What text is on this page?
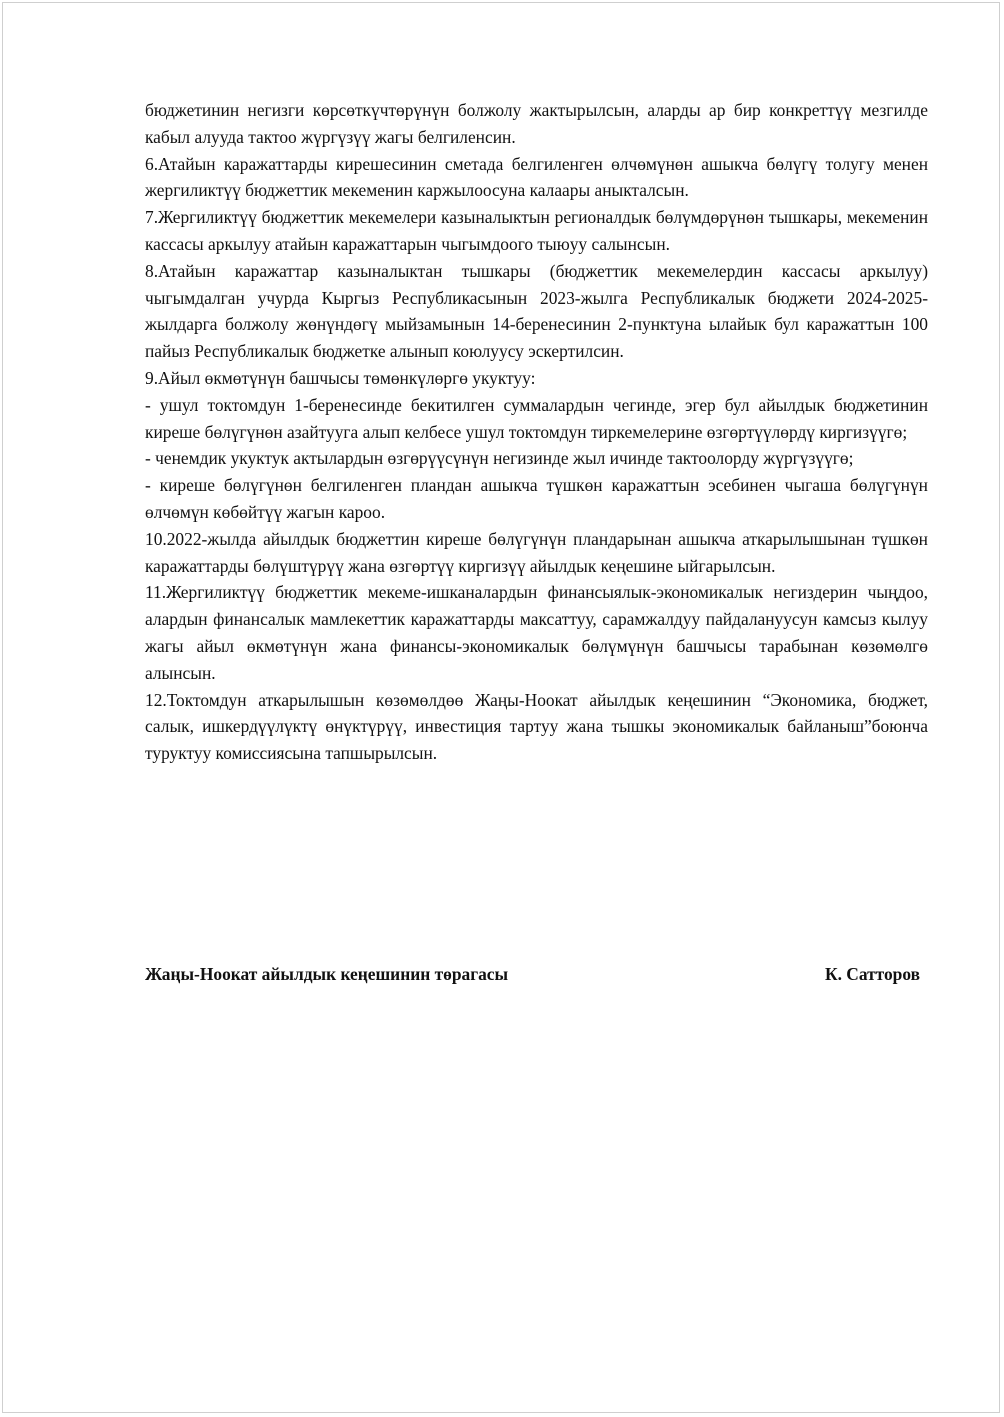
бюджетинин негизги көрсөткүчтөрүнүн болжолу жактырылсын, аларды ар бир конкреттүү мезгилде кабыл алууда тактоо жүргүзүү жагы белгиленсин.

6.Атайын каражаттарды кирешесинин сметада белгиленген өлчөмүнөн ашыкча бөлүгү толугу менен жергиликтүү бюджеттик мекеменин каржылоосуна калаары аныкталсын.

7.Жергиликтүү бюджеттик мекемелери казыналыктын регионалдык бөлүмдөрүнөн тышкары, мекеменин кассасы аркылуу атайын каражаттарын чыгымдоого тыюуу салынсын.

8.Атайын каражаттар казыналыктан тышкары (бюджеттик мекемелердин кассасы аркылуу) чыгымдалган учурда Кыргыз Республикасынын 2023-жылга Республикалык бюджети 2024-2025-жылдарга болжолу жөнүндөгү мыйзамынын 14-беренесинин 2-пунктуна ылайык бул каражаттын 100 пайыз Республикалык бюджетке алынып коюлуусу эскертилсин.

9.Айыл өкмөтүнүн башчысы төмөнкүлөргө укуктуу:

- ушул токтомдун 1-беренесинде бекитилген суммалардын чегинде, эгер бул айылдык бюджетинин киреше бөлүгүнөн азайтууга алып келбесе ушул токтомдун тиркемелерине өзгөртүүлөрдү киргизүүгө;

- ченемдик укуктук актылардын өзгөрүүсүнүн негизинде жыл ичинде тактоолорду жүргүзүүгө;

- киреше бөлүгүнөн белгиленген пландан ашыкча түшкөн каражаттын эсебинен чыгаша бөлүгүнүн өлчөмүн көбөйтүү жагын кароо.

10.2022-жылда айылдык бюджеттин киреше бөлүгүнүн пландарынан ашыкча аткарылышынан түшкөн каражаттарды бөлүштүрүү жана өзгөртүү киргизүү айылдык кеңешине ыйгарылсын.

11.Жергиликтүү бюджеттик мекеме-ишканалардын финансыялык-экономикалык негиздерин чыңдоо, алардын финансалык мамлекеттик каражаттарды максаттуу, сарамжалдуу пайдалануусун камсыз кылуу жагы айыл өкмөтүнүн жана финансы-экономикалык бөлүмүнүн башчысы тарабынан көзөмөлгө алынсын.

12.Токтомдун аткарылышын көзөмөлдөө Жаңы-Ноокат айылдык кеңешинин “Экономика, бюджет, салык, ишкердүүлүктү өнүктүрүү, инвестиция тартуу жана тышкы экономикалык байланыш”боюнча туруктуу комиссиясына тапшырылсын.

Жаңы-Ноокат айылдык кеңешинин төрагасы	К. Сатторов
